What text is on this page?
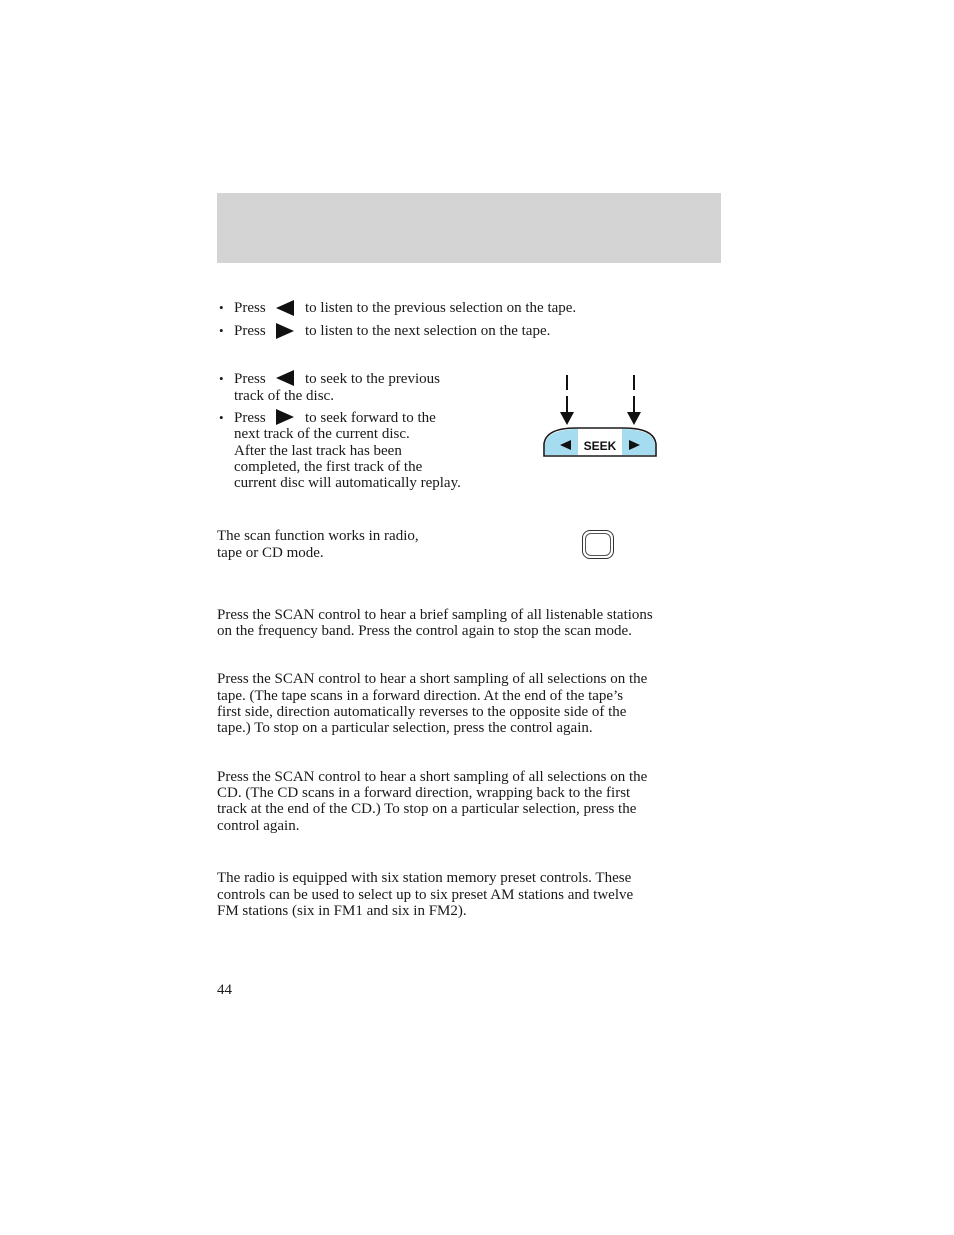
• Press	to listen to the previous selection on the tape.
• Press	to listen to the next selection on the tape.
• Press	to seek to the previous
track of the disc.
• Press	to seek forward to the
next track of the current disc.
After the last track has been
completed, the first track of the
current disc will automatically replay.
SEEK
The scan function works in radio,
tape or CD mode.
Press the SCAN control to hear a brief sampling of all listenable stations
on the frequency band. Press the control again to stop the scan mode.
Press the SCAN control to hear a short sampling of all selections on the
tape. (The tape scans in a forward direction. At the end of the tape’s
first side, direction automatically reverses to the opposite side of the
tape.) To stop on a particular selection, press the control again.
Press the SCAN control to hear a short sampling of all selections on the
CD. (The CD scans in a forward direction, wrapping back to the first
track at the end of the CD.) To stop on a particular selection, press the
control again.
The radio is equipped with six station memory preset controls. These
controls can be used to select up to six preset AM stations and twelve
FM stations (six in FM1 and six in FM2).
44
